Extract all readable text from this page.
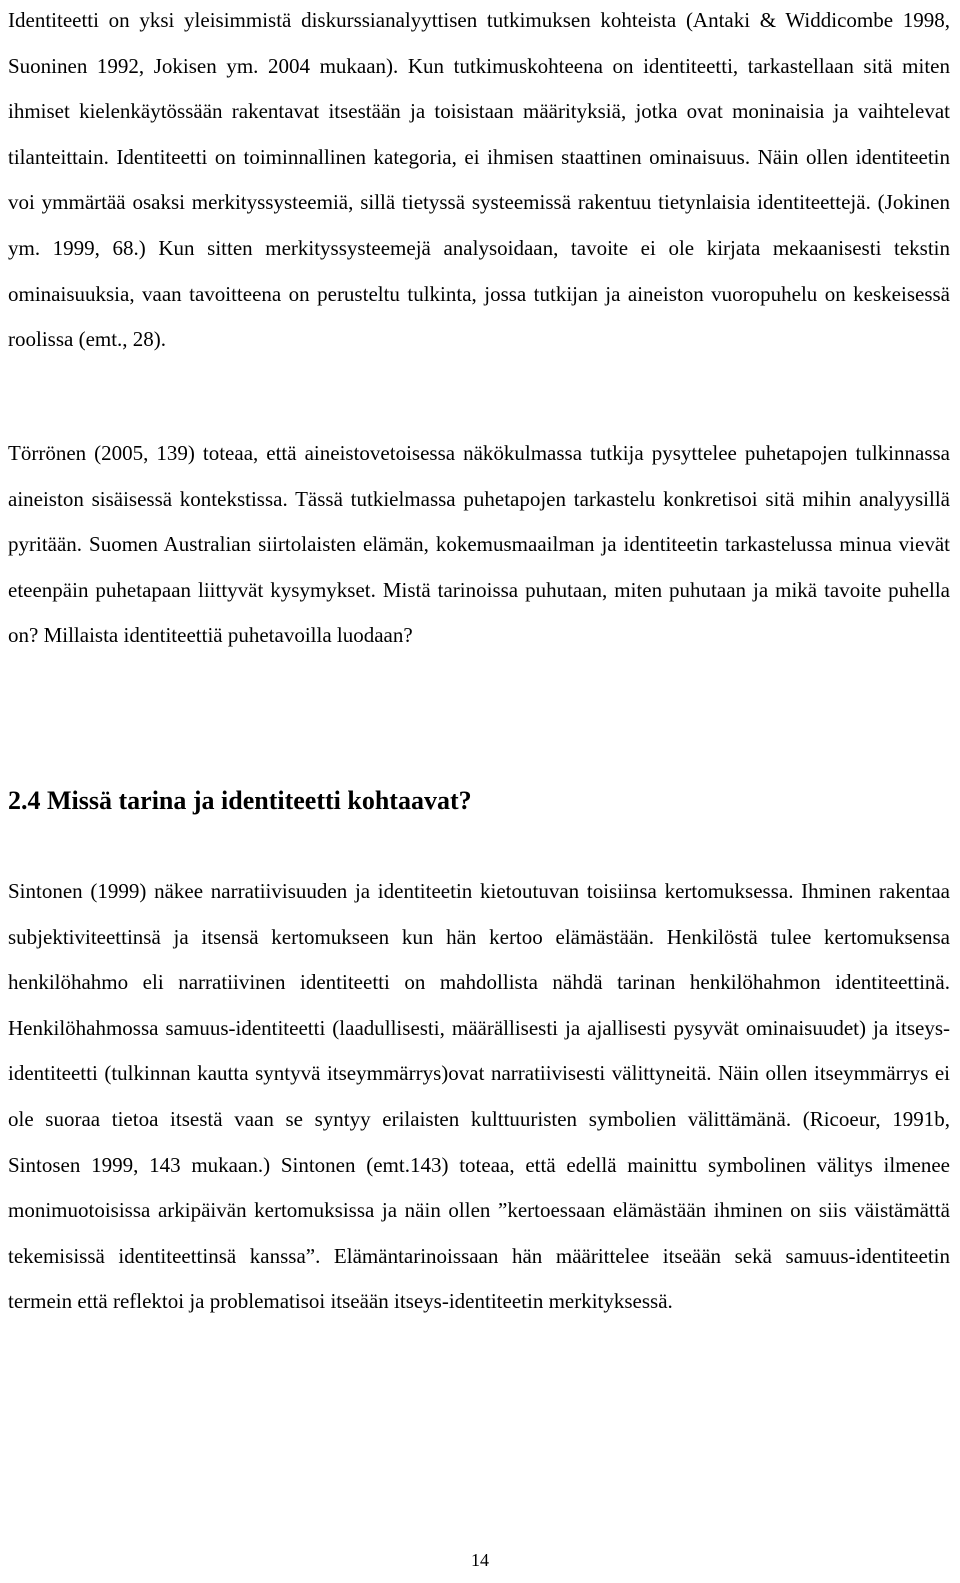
Identiteetti on yksi yleisimmistä diskurssianalyyttisen tutkimuksen kohteista (Antaki & Widdicombe 1998, Suoninen 1992, Jokisen ym. 2004 mukaan). Kun tutkimuskohteena on identiteetti, tarkastellaan sitä miten ihmiset kielenkäytössään rakentavat itsestään ja toisistaan määrityksiä, jotka ovat moninaisia ja vaihtelevat tilanteittain. Identiteetti on toiminnallinen kategoria, ei ihmisen staattinen ominaisuus. Näin ollen identiteetin voi ymmärtää osaksi merkityssysteemiä, sillä tietyssä systeemissä rakentuu tietynlaisia identiteettejä. (Jokinen ym. 1999, 68.) Kun sitten merkityssysteemejä analysoidaan, tavoite ei ole kirjata mekaanisesti tekstin ominaisuuksia, vaan tavoitteena on perusteltu tulkinta, jossa tutkijan ja aineiston vuoropuhelu on keskeisessä roolissa (emt., 28).

Törrönen (2005, 139) toteaa, että aineistovetoisessa näkökulmassa tutkija pysyttelee puhetapojen tulkinnassa aineiston sisäisessä kontekstissa. Tässä tutkielmassa puhetapojen tarkastelu konkretisoi sitä mihin analyysillä pyritään. Suomen Australian siirtolaisten elämän, kokemusmaailman ja identiteetin tarkastelussa minua vievät eteenpäin puhetapaan liittyvät kysymykset. Mistä tarinoissa puhutaan, miten puhutaan ja mikä tavoite puhella on? Millaista identiteettiä puhetavoilla luodaan?

2.4 Missä tarina ja identiteetti kohtaavat?

Sintonen (1999) näkee narratiivisuuden ja identiteetin kietoutuvan toisiinsa kertomuksessa. Ihminen rakentaa subjektiviteettinsä ja itsensä kertomukseen kun hän kertoo elämästään. Henkilöstä tulee kertomuksensa henkilöhahmo eli narratiivinen identiteetti on mahdollista nähdä tarinan henkilöhahmon identiteettinä. Henkilöhahmossa samuus-identiteetti (laadullisesti, määrällisesti ja ajallisesti pysyvät ominaisuudet) ja itseys-identiteetti (tulkinnan kautta syntyvä itseymmärrys)ovat narratiivisesti välittyneitä. Näin ollen itseymmärrys ei ole suoraa tietoa itsestä vaan se syntyy erilaisten kulttuuristen symbolien välittämänä. (Ricoeur, 1991b, Sintosen 1999, 143 mukaan.) Sintonen (emt.143) toteaa, että edellä mainittu symbolinen välitys ilmenee monimuotoisissa arkipäivän kertomuksissa ja näin ollen ”kertoessaan elämästään ihminen on siis väistämättä tekemisissä identiteettinsä kanssa”. Elämäntarinoissaan hän määrittelee itseään sekä samuus-identiteetin termein että reflektoi ja problematisoi itseään itseys-identiteetin merkityksessä.

14
